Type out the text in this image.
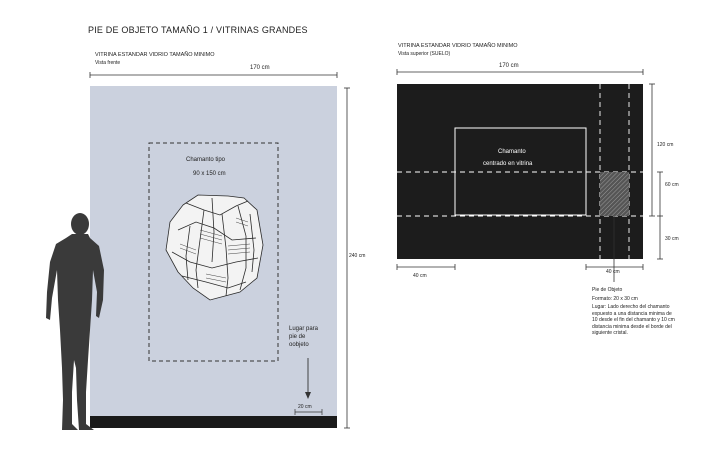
PIE DE OBJETO TAMAÑO 1 / VITRINAS GRANDES
VITRINA ESTANDAR VIDRIO TAMAÑO MINIMO
Vista frente
170 cm
VITRINA ESTANDAR VIDRIO TAMAÑO MINIMO
Vista superior (SUELO)
170 cm
Chamanto tipo
90 x 150 cm
240 cm
Lugar para
pie de
oobjeto
20 cm
Chamanto
centrado en vitrina
120 cm
60 cm
30 cm
40 cm
40 cm
Pie de Objeto
Formato: 20 x 30 cm
Lugar: Lado derecho del chamanto
expuesto a una distancia minima de
10 desde el fin del chamanto y 10 cm
distancia minima desde el borde del
siguiente cristal.
